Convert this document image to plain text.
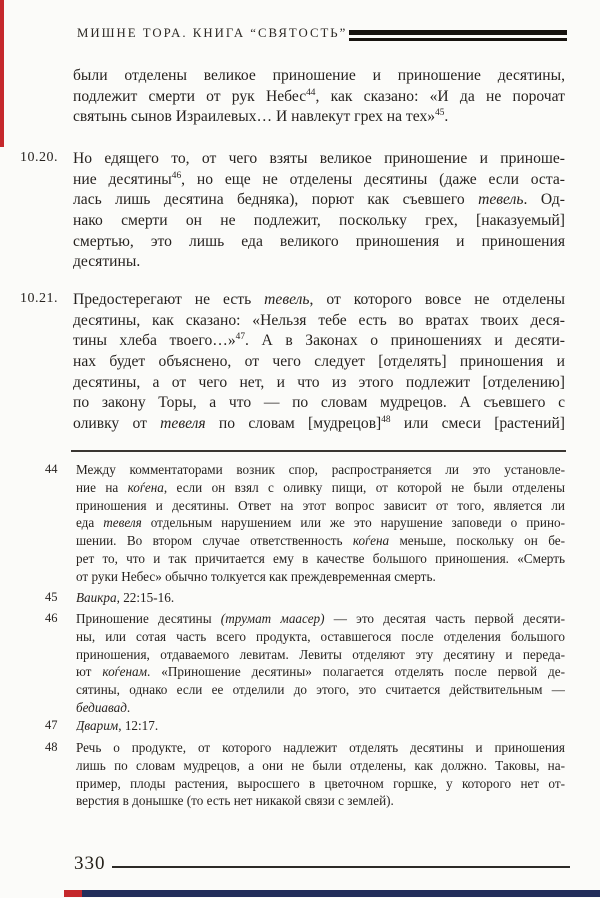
МИШНЕ ТОРА. КНИГА “СВЯТОСТЬ”
были отделены великое приношение и приношение десятины,
подлежит смерти от рук Небес$^{44}$, как сказано: «И да не порочат
святынь сынов Израилевых… И навлекут грех на тех»$^{45}$.
10.20. Но едящего то, от чего взяты великое приношение и приноше-
ние десятины$^{46}$, но еще не отделены десятины (даже если оста-
лась лишь десятина бедняка), порют как съевшего тевель. Од-
нако смерти он не подлежит, поскольку грех, [наказуемый]
смертью, это лишь еда великого приношения и приношения
десятины.
10.21. Предостерегают не есть тевель, от которого вовсе не отделены
десятины, как сказано: «Нельзя тебе есть во вратах твоих деся-
тины хлеба твоего…»$^{47}$. А в Законах о приношениях и десяти-
нах будет объяснено, от чего следует [отделять] приношения и
десятины, а от чего нет, и что из этого подлежит [отделению]
по закону Торы, а что — по словам мудрецов. А съевшего с
оливку от тевеля по словам [мудрецов]$^{48}$ или смеси [растений]
44 Между комментаторами возник спор, распространяется ли это установле-
ние на коѓена, если он взял с оливку пищи, от которой не были отделены
приношения и десятины. Ответ на этот вопрос зависит от того, является ли
еда тевеля отдельным нарушением или же это нарушение заповеди о прино-
шении. Во втором случае ответственность коѓена меньше, поскольку он бе-
рет то, что и так причитается ему в качестве большого приношения. «Смерть
от руки Небес» обычно толкуется как преждевременная смерть.
45 Ваикра, 22:15-16.
46 Приношение десятины (трумат маасер) — это десятая часть первой десяти-
ны, или сотая часть всего продукта, оставшегося после отделения большого
приношения, отдаваемого левитам. Левиты отделяют эту десятину и переда-
ют коѓенам. «Приношение десятины» полагается отделять после первой де-
сятины, однако если ее отделили до этого, это считается действительным —
бедиавад.
47 Дварим, 12:17.
48 Речь о продукте, от которого надлежит отделять десятины и приношения
лишь по словам мудрецов, а они не были отделены, как должно. Таковы, на-
пример, плоды растения, выросшего в цветочном горшке, у которого нет от-
верстия в донышке (то есть нет никакой связи с землей).
330
